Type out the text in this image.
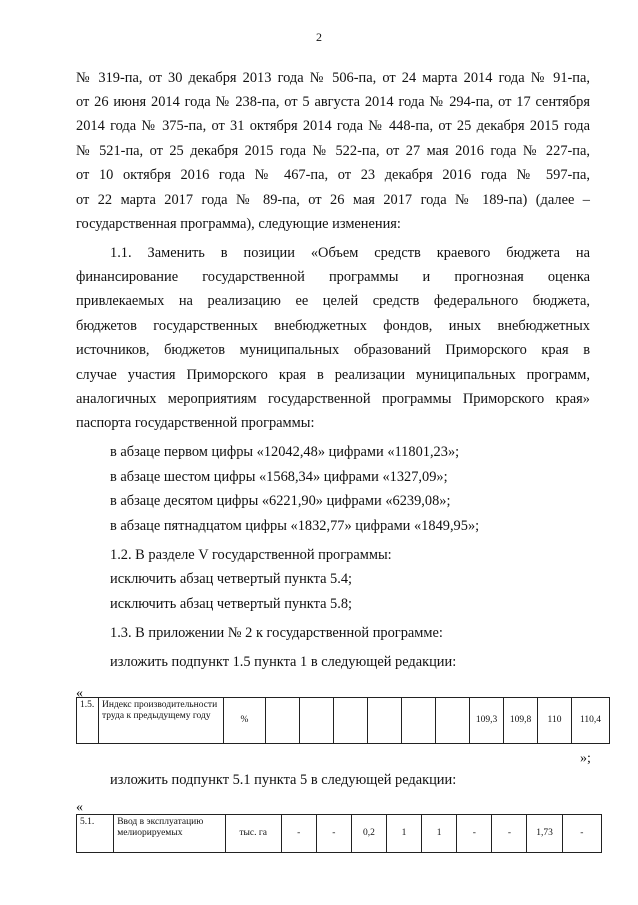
2
№ 319-па, от 30 декабря 2013 года № 506-па, от 24 марта 2014 года № 91-па,
от 26 июня 2014 года № 238-па, от 5 августа 2014 года № 294-па, от 17 сентября
2014 года № 375-па, от 31 октября 2014 года № 448-па, от 25 декабря 2015 года
№ 521-па, от 25 декабря 2015 года № 522-па, от 27 мая 2016 года № 227-па,
от 10 октября 2016 года № 467-па, от 23 декабря 2016 года № 597-па,
от 22 марта 2017 года № 89-па, от 26 мая 2017 года № 189-па) (далее –
государственная программа), следующие изменения:
1.1. Заменить в позиции «Объем средств краевого бюджета на
финансирование государственной программы и прогнозная оценка
привлекаемых на реализацию ее целей средств федерального бюджета,
бюджетов государственных внебюджетных фондов, иных внебюджетных
источников, бюджетов муниципальных образований Приморского края в
случае участия Приморского края в реализации муниципальных программ,
аналогичных мероприятиям государственной программы Приморского края»
паспорта государственной программы:
в абзаце первом цифры «12042,48» цифрами «11801,23»;
в абзаце шестом цифры «1568,34» цифрами «1327,09»;
в абзаце десятом цифры «6221,90» цифрами «6239,08»;
в абзаце пятнадцатом цифры «1832,77» цифрами «1849,95»;
1.2. В разделе V государственной программы:
исключить абзац четвертый пункта 5.4;
исключить абзац четвертый пункта 5.8;
1.3. В приложении № 2 к государственной программе:
изложить подпункт 1.5 пункта 1 в следующей редакции:
«
1.5.	Индекс производительности труда к предыдущему году	%							109,3	109,8	110	110,4
»;
изложить подпункт 5.1 пункта 5 в следующей редакции:
«
5.1.	Ввод в эксплуатацию мелиорируемых	тыс. га	-	-	0,2	1	1	-	-	1,73	-
